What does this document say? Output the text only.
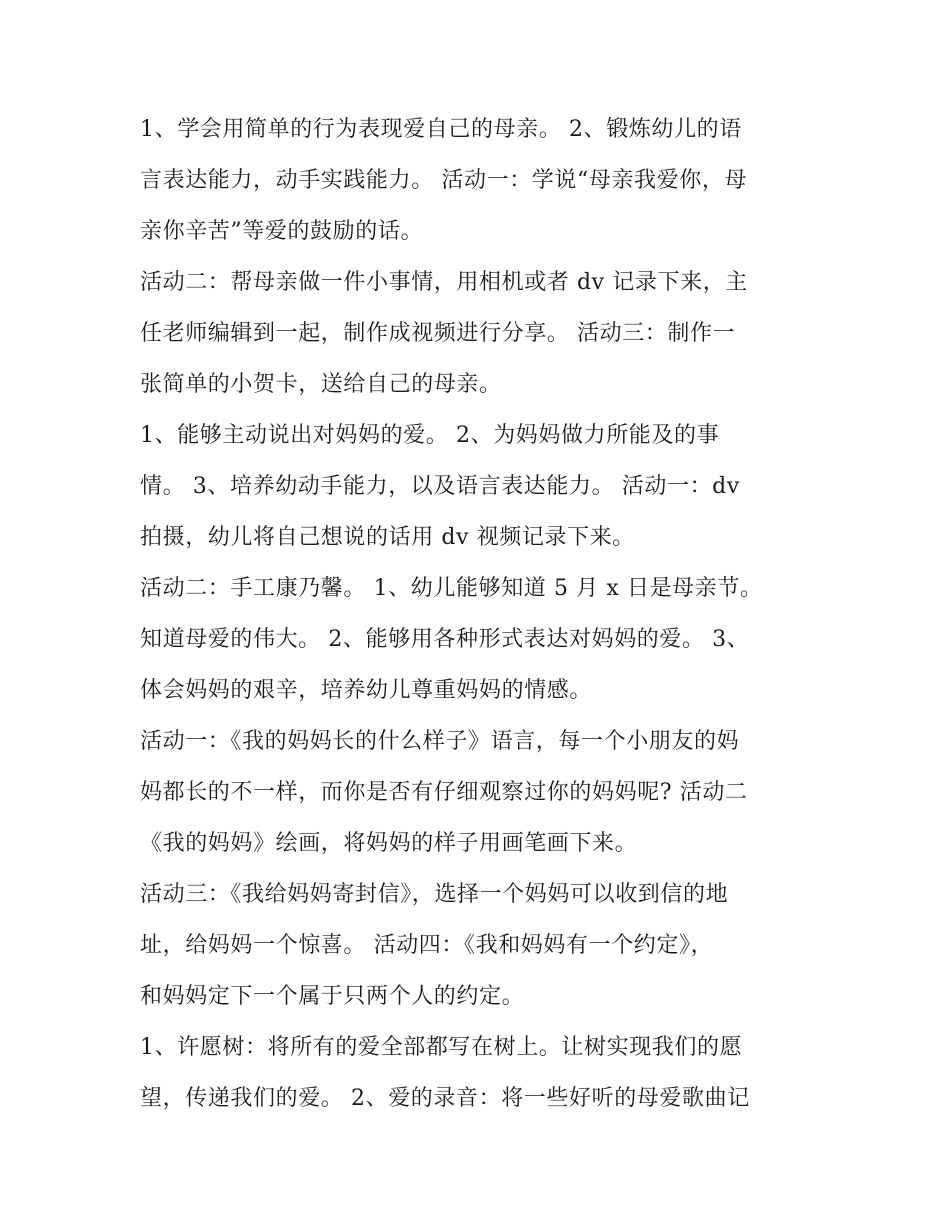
1、学会用简单的行为表现爱自己的母亲。 2、锻炼幼儿的语
言表达能力，动手实践能力。 活动一：学说“母亲我爱你，母
亲你辛苦”等爱的鼓励的话。
活动二：帮母亲做一件小事情，用相机或者 dv 记录下来，主
任老师编辑到一起，制作成视频进行分享。 活动三：制作一
张简单的小贺卡，送给自己的母亲。
1、能够主动说出对妈妈的爱。 2、为妈妈做力所能及的事
情。 3、培养幼动手能力，以及语言表达能力。 活动一：dv
拍摄，幼儿将自己想说的话用 dv 视频记录下来。
活动二：手工康乃馨。 1、幼儿能够知道 5 月 x 日是母亲节。
知道母爱的伟大。 2、能够用各种形式表达对妈妈的爱。 3、
体会妈妈的艰辛，培养幼儿尊重妈妈的情感。
活动一：《我的妈妈长的什么样子》语言，每一个小朋友的妈
妈都长的不一样，而你是否有仔细观察过你的妈妈呢? 活动二
《我的妈妈》绘画，将妈妈的样子用画笔画下来。
活动三：《我给妈妈寄封信》，选择一个妈妈可以收到信的地
址，给妈妈一个惊喜。 活动四：《我和妈妈有一个约定》，
和妈妈定下一个属于只两个人的约定。
1、许愿树：将所有的爱全部都写在树上。让树实现我们的愿
望，传递我们的爱。 2、爱的录音：将一些好听的母爱歌曲记
